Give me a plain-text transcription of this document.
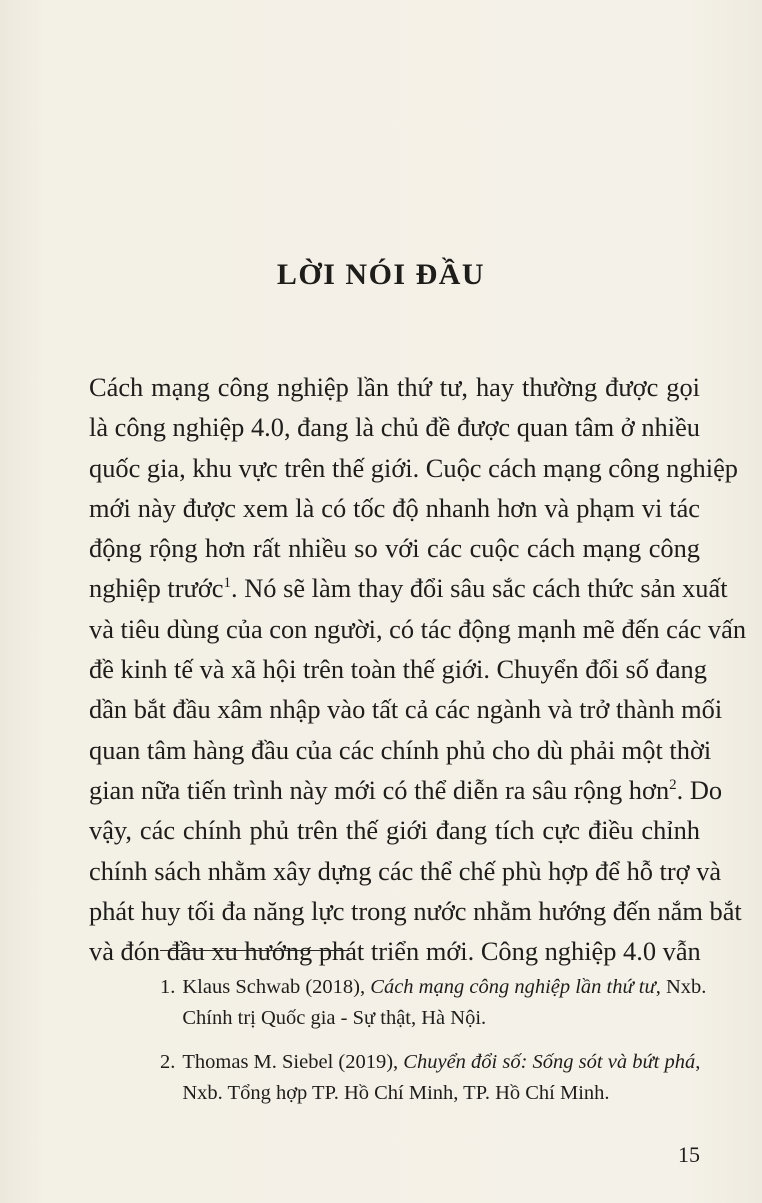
LỜI NÓI ĐẦU
Cách mạng công nghiệp lần thứ tư, hay thường được gọi
là công nghiệp 4.0, đang là chủ đề được quan tâm ở nhiều
quốc gia, khu vực trên thế giới. Cuộc cách mạng công nghiệp
mới này được xem là có tốc độ nhanh hơn và phạm vi tác
động rộng hơn rất nhiều so với các cuộc cách mạng công
nghiệp trước$^1$. Nó sẽ làm thay đổi sâu sắc cách thức sản xuất
và tiêu dùng của con người, có tác động mạnh mẽ đến các vấn
đề kinh tế và xã hội trên toàn thế giới. Chuyển đổi số đang
dần bắt đầu xâm nhập vào tất cả các ngành và trở thành mối
quan tâm hàng đầu của các chính phủ cho dù phải một thời
gian nữa tiến trình này mới có thể diễn ra sâu rộng hơn$^2$. Do
vậy, các chính phủ trên thế giới đang tích cực điều chỉnh
chính sách nhằm xây dựng các thể chế phù hợp để hỗ trợ và
phát huy tối đa năng lực trong nước nhằm hướng đến nắm bắt
và đón đầu xu hướng phát triển mới. Công nghiệp 4.0 vẫn
1. Klaus Schwab (2018), Cách mạng công nghiệp lần thứ tư, Nxb.
Chính trị Quốc gia - Sự thật, Hà Nội.
2. Thomas M. Siebel (2019), Chuyển đổi số: Sống sót và bứt phá,
Nxb. Tổng hợp TP. Hồ Chí Minh, TP. Hồ Chí Minh.
15
